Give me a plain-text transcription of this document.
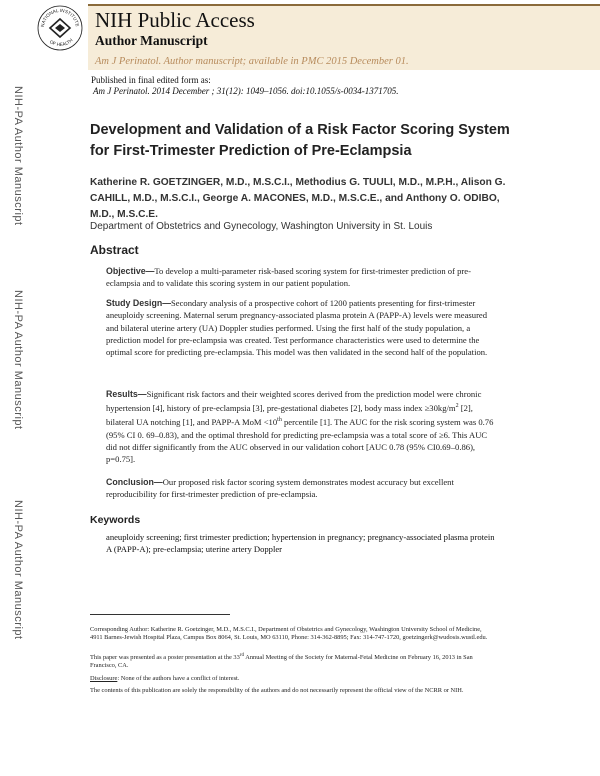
NATIONAL INSTITUTE
OF HEALTH
NIH Public Access
Author Manuscript
Am J Perinatol. Author manuscript; available in PMC 2015 December 01.
NIH-PA Author Manuscript
NIH-PA Author Manuscript
NIH-PA Author Manuscript
Published in final edited form as:
Am J Perinatol. 2014 December ; 31(12): 1049–1056. doi:10.1055/s-0034-1371705.
Development and Validation of a Risk Factor Scoring System for First-Trimester Prediction of Pre-Eclampsia
Katherine R. GOETZINGER, M.D., M.S.C.I., Methodius G. TUULI, M.D., M.P.H., Alison G. CAHILL, M.D., M.S.C.I., George A. MACONES, M.D., M.S.C.E., and Anthony O. ODIBO, M.D., M.S.C.E.
Department of Obstetrics and Gynecology, Washington University in St. Louis
Abstract
Objective—To develop a multi-parameter risk-based scoring system for first-trimester prediction of pre-eclampsia and to validate this scoring system in our patient population.
Study Design—Secondary analysis of a prospective cohort of 1200 patients presenting for first-trimester aneuploidy screening. Maternal serum pregnancy-associated plasma protein A (PAPP-A) levels were measured and bilateral uterine artery (UA) Doppler studies performed. Using the first half of the study population, a prediction model for pre-eclampsia was created. Test performance characteristics were used to determine the optimal score for predicting pre-eclampsia. This model was then validated in the second half of the population.
Results—Significant risk factors and their weighted scores derived from the prediction model were chronic hypertension [4], history of pre-eclampsia [3], pre-gestational diabetes [2], body mass index $\ge 30kg/m^2$ [2], bilateral UA notching [1], and PAPP-A MoM <10th percentile [1]. The AUC for the risk scoring system was 0.76 (95% CI 0. 69–0.83), and the optimal threshold for predicting pre-eclampsia was a total score of ≥6. This AUC did not differ significantly from the AUC observed in our validation cohort [AUC 0.78 (95% CI0.69–0.86), p=0.75].
Conclusion—Our proposed risk factor scoring system demonstrates modest accuracy but excellent reproducibility for first-trimester prediction of pre-eclampsia.
Keywords
aneuploidy screening; first trimester prediction; hypertension in pregnancy; pregnancy-associated plasma protein A (PAPP-A); pre-eclampsia; uterine artery Doppler
Corresponding Author: Katherine R. Goetzinger, M.D., M.S.C.I., Department of Obstetrics and Gynecology, Washington University School of Medicine, 4911 Barnes-Jewish Hospital Plaza, Campus Box 8064, St. Louis, MO 63110, Phone: 314-362-8895; Fax: 314-747-1720, goetzingerk@wudosis.wustl.edu.
This paper was presented as a poster presentation at the 33rd Annual Meeting of the Society for Maternal-Fetal Medicine on February 16, 2013 in San Francisco, CA.
Disclosure: None of the authors have a conflict of interest.
The contents of this publication are solely the responsibility of the authors and do not necessarily represent the official view of the NCRR or NIH.
